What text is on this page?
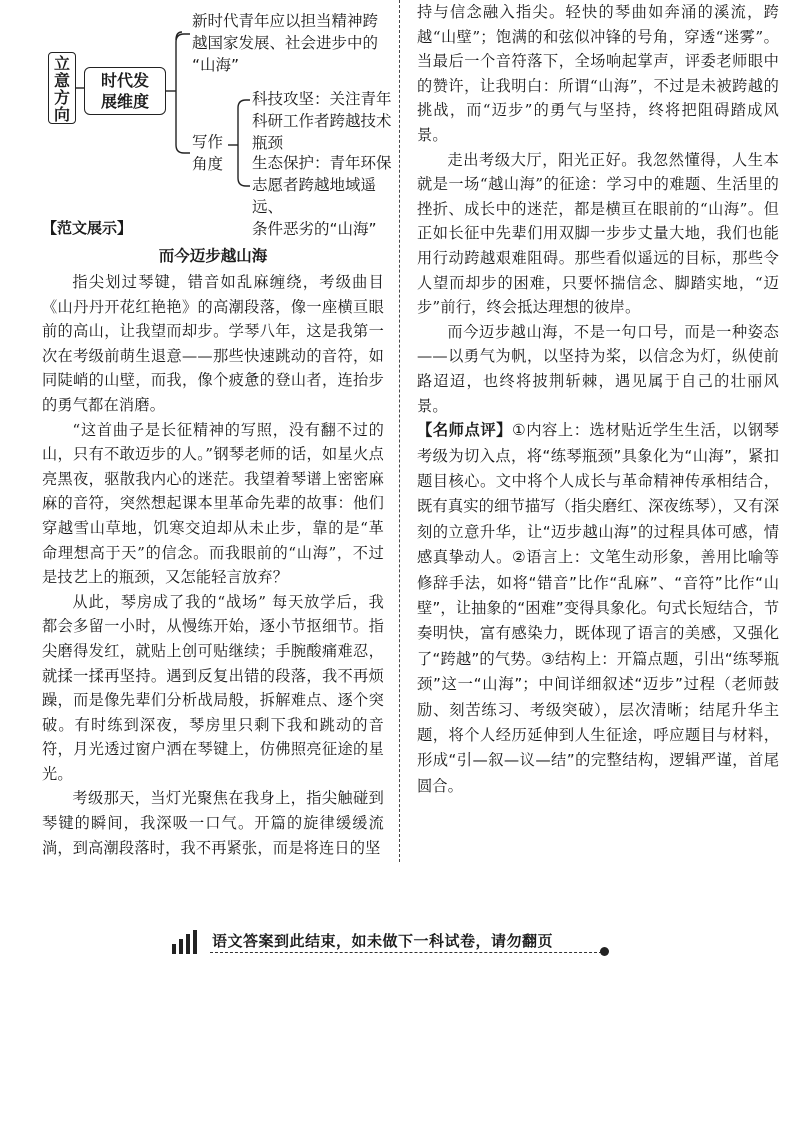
立
意
方
向
时代发
展维度
新时代青年应以担当精神跨
越国家发展、社会进步中的
“山海”
写作
角度
科技攻坚：关注青年
科研工作者跨越技术
瓶颈
生态保护：青年环保
志愿者跨越地域遥远、
条件恶劣的“山海”

【范文展示】

而今迈步越山海

指尖划过琴键，错音如乱麻缠绕，考级曲目《山丹丹开花红艳艳》的高潮段落，像一座横亘眼前的高山，让我望而却步。学琴八年，这是我第一次在考级前萌生退意——那些快速跳动的音符，如同陡峭的山壁，而我，像个疲惫的登山者，连抬步的勇气都在消磨。

“这首曲子是长征精神的写照，没有翻不过的山，只有不敢迈步的人。”钢琴老师的话，如星火点亮黑夜，驱散我内心的迷茫。我望着琴谱上密密麻麻的音符，突然想起课本里革命先辈的故事：他们穿越雪山草地，饥寒交迫却从未止步，靠的是“革命理想高于天”的信念。而我眼前的“山海”，不过是技艺上的瓶颈，又怎能轻言放弃？

从此，琴房成了我的“战场” 每天放学后，我都会多留一小时，从慢练开始，逐小节抠细节。指尖磨得发红，就贴上创可贴继续；手腕酸痛难忍，就揉一揉再坚持。遇到反复出错的段落，我不再烦躁，而是像先辈们分析战局般，拆解难点、逐个突破。有时练到深夜，琴房里只剩下我和跳动的音符，月光透过窗户洒在琴键上，仿佛照亮征途的星光。

考级那天，当灯光聚焦在我身上，指尖触碰到琴键的瞬间，我深吸一口气。开篇的旋律缓缓流淌，到高潮段落时，我不再紧张，而是将连日的坚

持与信念融入指尖。轻快的琴曲如奔涌的溪流，跨越“山壁”；饱满的和弦似冲锋的号角，穿透“迷雾”。当最后一个音符落下，全场响起掌声，评委老师眼中的赞许，让我明白：所谓“山海”，不过是未被跨越的挑战，而“迈步”的勇气与坚持，终将把阻碍踏成风景。

走出考级大厅，阳光正好。我忽然懂得，人生本就是一场“越山海”的征途：学习中的难题、生活里的挫折、成长中的迷茫，都是横亘在眼前的“山海”。但正如长征中先辈们用双脚一步步丈量大地，我们也能用行动跨越艰难阻碍。那些看似遥远的目标，那些令人望而却步的困难，只要怀揣信念、脚踏实地，“迈步”前行，终会抵达理想的彼岸。

而今迈步越山海，不是一句口号，而是一种姿态——以勇气为帆，以坚持为桨，以信念为灯，纵使前路迢迢，也终将披荆斩棘，遇见属于自己的壮丽风景。

【名师点评】①内容上：选材贴近学生生活，以钢琴考级为切入点，将“练琴瓶颈”具象化为“山海”，紧扣题目核心。文中将个人成长与革命精神传承相结合，既有真实的细节描写（指尖磨红、深夜练琴），又有深刻的立意升华，让“迈步越山海”的过程具体可感，情感真挚动人。②语言上：文笔生动形象，善用比喻等修辞手法，如将“错音”比作“乱麻”、“音符”比作“山壁”，让抽象的“困难”变得具象化。句式长短结合，节奏明快，富有感染力，既体现了语言的美感，又强化了“跨越”的气势。③结构上：开篇点题，引出“练琴瓶颈”这一“山海”；中间详细叙述“迈步”过程（老师鼓励、刻苦练习、考级突破），层次清晰；结尾升华主题，将个人经历延伸到人生征途，呼应题目与材料，形成“引—叙—议—结”的完整结构，逻辑严谨，首尾圆合。

语文答案到此结束，如未做下一科试卷，请勿翻页
